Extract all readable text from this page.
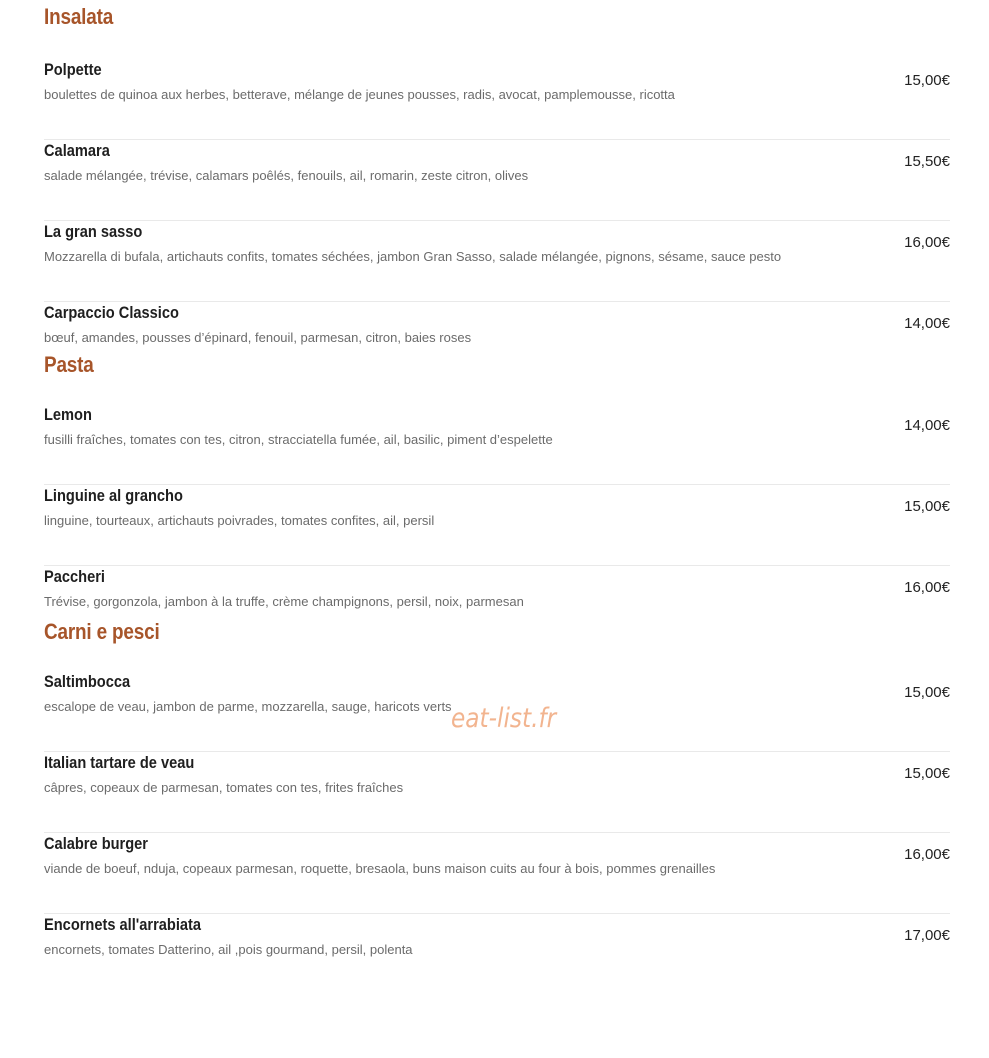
Insalata
Polpette
boulettes de quinoa aux herbes, betterave, mélange de jeunes pousses, radis, avocat, pamplemousse, ricotta
15,00€
Calamara
salade mélangée, trévise, calamars poêlés, fenouils, ail, romarin, zeste citron, olives
15,50€
La gran sasso
Mozzarella di bufala, artichauts confits, tomates séchées, jambon Gran Sasso, salade mélangée, pignons, sésame, sauce pesto
16,00€
Carpaccio Classico
bœuf, amandes, pousses d’épinard, fenouil, parmesan, citron, baies roses
14,00€
Pasta
Lemon
fusilli fraîches, tomates con tes, citron, stracciatella fumée, ail, basilic, piment d’espelette
14,00€
Linguine al grancho
linguine, tourteaux, artichauts poivrades, tomates confites, ail, persil
15,00€
Paccheri
Trévise, gorgonzola, jambon à la truffe, crème champignons, persil, noix, parmesan
16,00€
Carni e pesci
Saltimbocca
escalope de veau, jambon de parme, mozzarella, sauge, haricots verts
15,00€
Italian tartare de veau
câpres, copeaux de parmesan, tomates con tes, frites fraîches
15,00€
Calabre burger
viande de boeuf, nduja, copeaux parmesan, roquette, bresaola, buns maison cuits au four à bois, pommes grenailles
16,00€
Encornets all'arrabiata
encornets, tomates Datterino, ail ,pois gourmand, persil, polenta
17,00€
eat-list.fr
